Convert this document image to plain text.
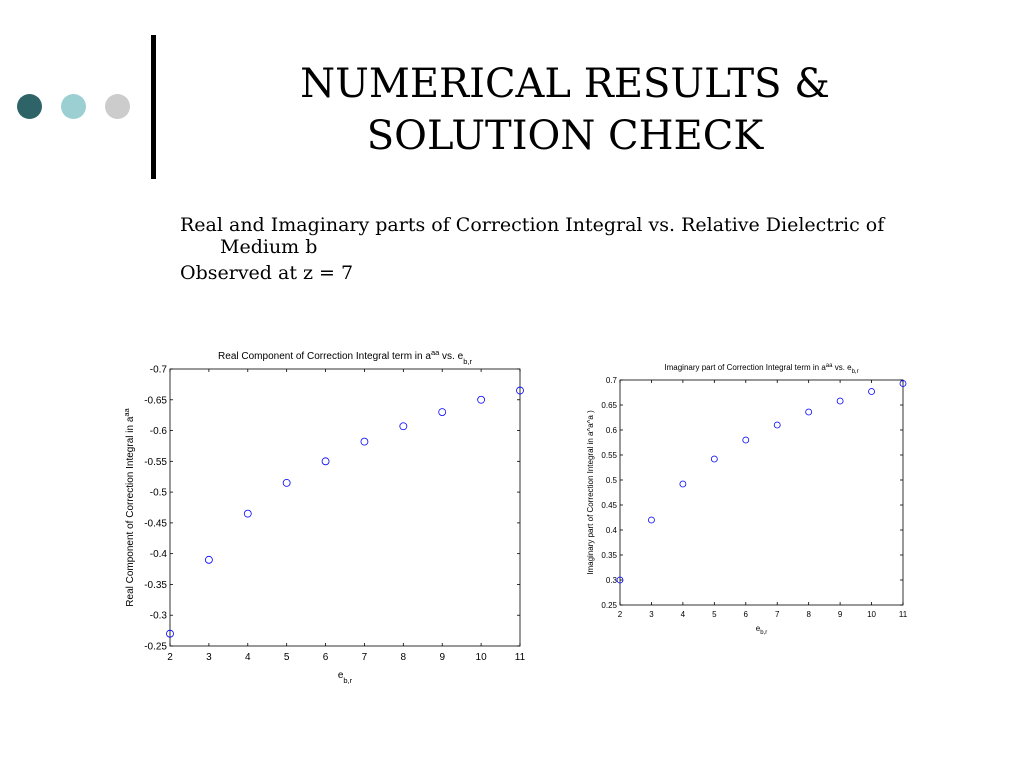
NUMERICAL RESULTS &
SOLUTION CHECK

Real and Imaginary parts of Correction Integral vs. Relative Dielectric of Medium b

Observed at z = 7

2	3	4	5	6	7	8	9	10	11
-0.25
-0.3
-0.35
-0.4
-0.45
-0.5
-0.55
-0.6
-0.65
-0.7
Real Component of Correction Integral term in $a^{aa}$ vs. $e_{b,r}$
$e_{b,r}$
Real Component of Correction Integral in $a^{aa}$
2	3	4	5	6	7	8	9	10	11
0.25
0.3
0.35
0.4
0.45
0.5
0.55
0.6
0.65
0.7
Imaginary part of Correction Integral term in $a^{aa}$ vs. $e_{b,r}$
$e_{b,r}$
Imaginary part of Correction Integral in a^a^a )
